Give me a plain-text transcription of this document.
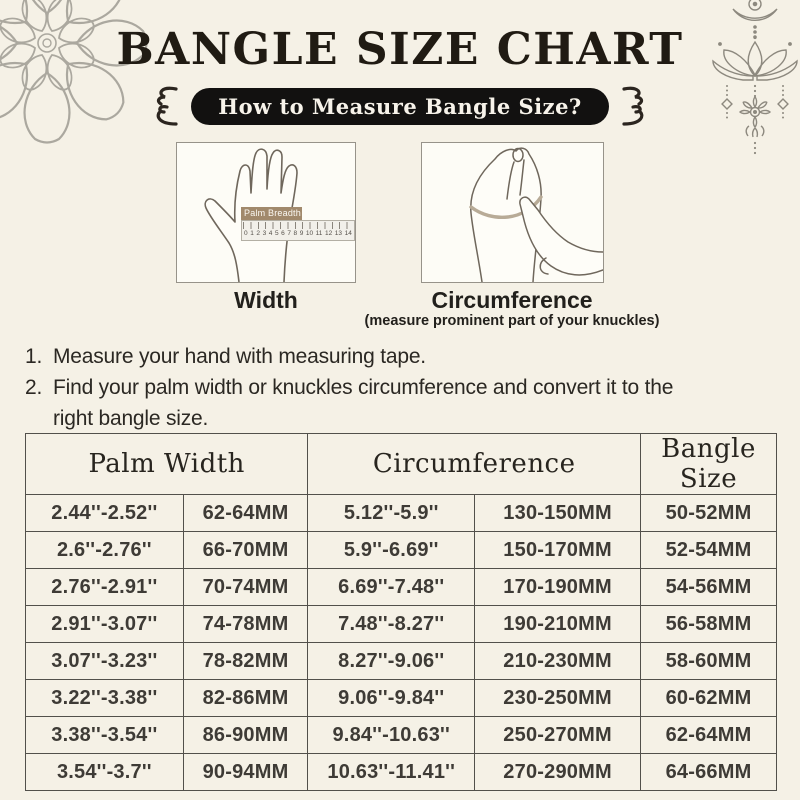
BANGLE SIZE CHART
How to Measure Bangle Size?
Palm Breadth
0 1 2 3 4 5 6 7 8 9 10 11 12 13 14
Width	Circumference
(measure prominent part of your knuckles)
1. Measure your hand with measuring tape.
2. Find your palm width or knuckles circumference and convert it to the
right bangle size.
Palm Width		Circumference		Bangle Size
2.44''-2.52''	62-64MM	5.12''-5.9''	130-150MM	50-52MM
2.6''-2.76''	66-70MM	5.9''-6.69''	150-170MM	52-54MM
2.76''-2.91''	70-74MM	6.69''-7.48''	170-190MM	54-56MM
2.91''-3.07''	74-78MM	7.48''-8.27''	190-210MM	56-58MM
3.07''-3.23''	78-82MM	8.27''-9.06''	210-230MM	58-60MM
3.22''-3.38''	82-86MM	9.06''-9.84''	230-250MM	60-62MM
3.38''-3.54''	86-90MM	9.84''-10.63''	250-270MM	62-64MM
3.54''-3.7''	90-94MM	10.63''-11.41''	270-290MM	64-66MM
